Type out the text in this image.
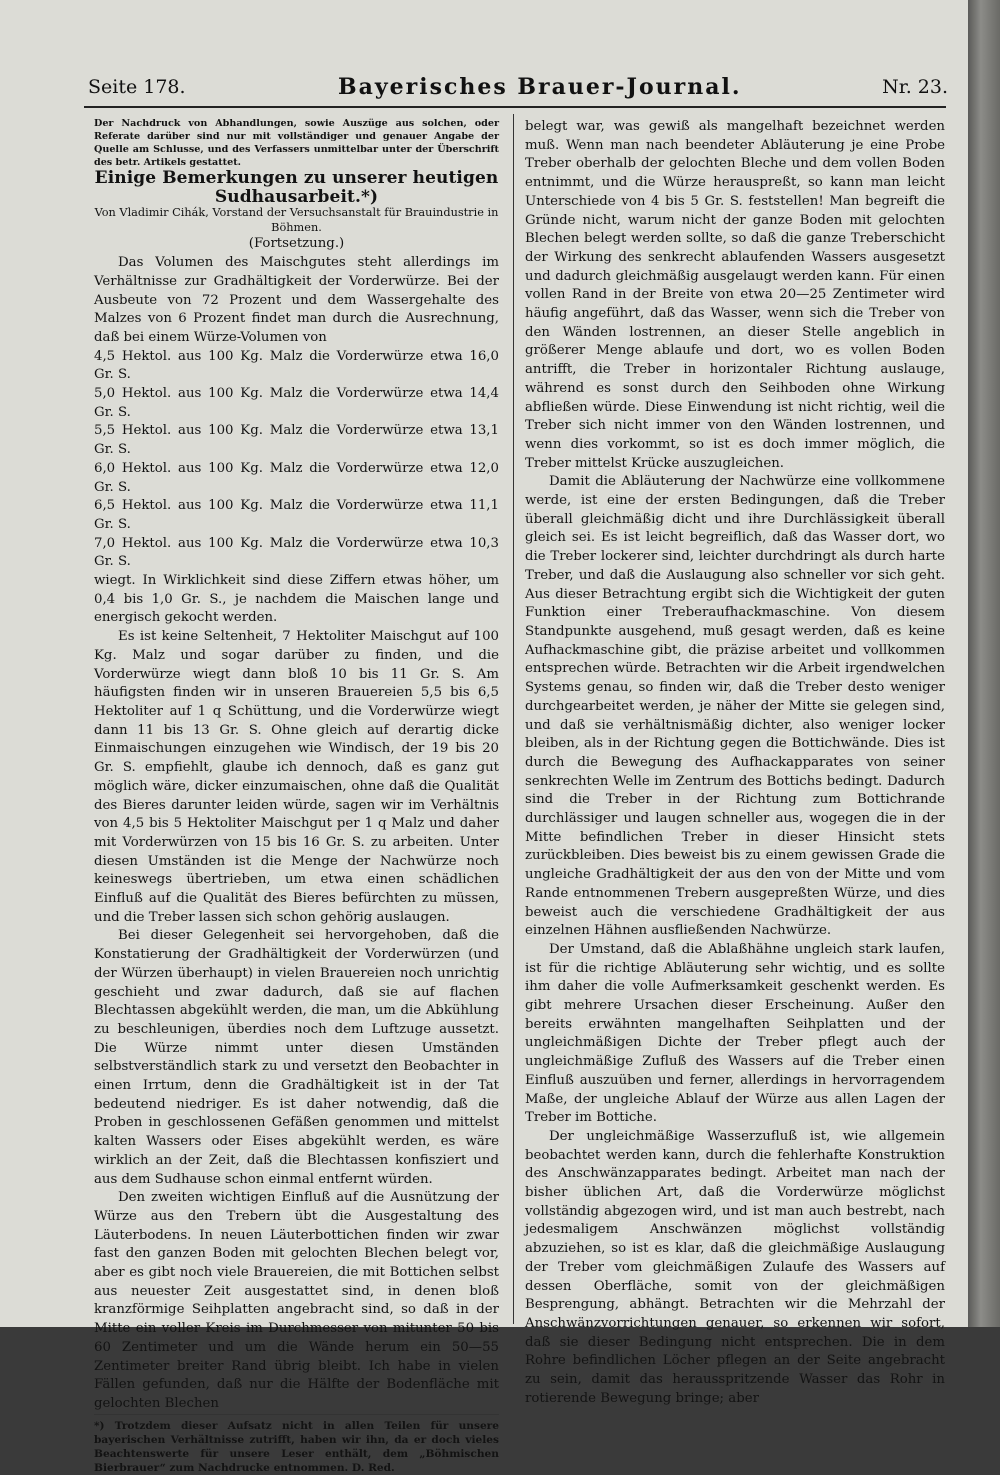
Seite 178.	Bayerisches Brauer-Journal.	Nr. 23.

Der Nachdruck von Abhandlungen, sowie Auszüge aus solchen, oder Referate darüber sind nur mit vollständiger und genauer Angabe der Quelle am Schlusse, und des Verfassers unmittelbar unter der Überschrift des betr. Artikels gestattet.

Einige Bemerkungen zu unserer heutigen Sudhausarbeit.*)

Von Vladimir Cihák, Vorstand der Versuchsanstalt für Brauindustrie in Böhmen.

(Fortsetzung.)

Das Volumen des Maischgutes steht allerdings im Verhältnisse zur Gradhältigkeit der Vorderwürze. Bei der Ausbeute von 72 Prozent und dem Wassergehalte des Malzes von 6 Prozent findet man durch die Ausrechnung, daß bei einem Würze-Volumen von

4,5 Hektol. aus 100 Kg. Malz die Vorderwürze etwa 16,0 Gr. S.

5,0 Hektol. aus 100 Kg. Malz die Vorderwürze etwa 14,4 Gr. S.

5,5 Hektol. aus 100 Kg. Malz die Vorderwürze etwa 13,1 Gr. S.

6,0 Hektol. aus 100 Kg. Malz die Vorderwürze etwa 12,0 Gr. S.

6,5 Hektol. aus 100 Kg. Malz die Vorderwürze etwa 11,1 Gr. S.

7,0 Hektol. aus 100 Kg. Malz die Vorderwürze etwa 10,3 Gr. S.

wiegt. In Wirklichkeit sind diese Ziffern etwas höher, um 0,4 bis 1,0 Gr. S., je nachdem die Maischen lange und energisch gekocht werden.

Es ist keine Seltenheit, 7 Hektoliter Maischgut auf 100 Kg. Malz und sogar darüber zu finden, und die Vorderwürze wiegt dann bloß 10 bis 11 Gr. S. Am häufigsten finden wir in unseren Brauereien 5,5 bis 6,5 Hektoliter auf 1 q Schüttung, und die Vorderwürze wiegt dann 11 bis 13 Gr. S. Ohne gleich auf derartig dicke Einmaischungen einzugehen wie Windisch, der 19 bis 20 Gr. S. empfiehlt, glaube ich dennoch, daß es ganz gut möglich wäre, dicker einzumaischen, ohne daß die Qualität des Bieres darunter leiden würde, sagen wir im Verhältnis von 4,5 bis 5 Hektoliter Maischgut per 1 q Malz und daher mit Vorderwürzen von 15 bis 16 Gr. S. zu arbeiten. Unter diesen Umständen ist die Menge der Nachwürze noch keineswegs übertrieben, um etwa einen schädlichen Einfluß auf die Qualität des Bieres befürchten zu müssen, und die Treber lassen sich schon gehörig auslaugen.

Bei dieser Gelegenheit sei hervorgehoben, daß die Konstatierung der Gradhältigkeit der Vorderwürzen (und der Würzen überhaupt) in vielen Brauereien noch unrichtig geschieht und zwar dadurch, daß sie auf flachen Blechtassen abgekühlt werden, die man, um die Abkühlung zu beschleunigen, überdies noch dem Luftzuge aussetzt. Die Würze nimmt unter diesen Umständen selbstverständlich stark zu und versetzt den Beobachter in einen Irrtum, denn die Gradhältigkeit ist in der Tat bedeutend niedriger. Es ist daher notwendig, daß die Proben in geschlossenen Gefäßen genommen und mittelst kalten Wassers oder Eises abgekühlt werden, es wäre wirklich an der Zeit, daß die Blechtassen konfisziert und aus dem Sudhause schon einmal entfernt würden.

Den zweiten wichtigen Einfluß auf die Ausnützung der Würze aus den Trebern übt die Ausgestaltung des Läuterbodens. In neuen Läuterbottichen finden wir zwar fast den ganzen Boden mit gelochten Blechen belegt vor, aber es gibt noch viele Brauereien, die mit Bottichen selbst aus neuester Zeit ausgestattet sind, in denen bloß kranzförmige Seihplatten angebracht sind, so daß in der Mitte ein voller Kreis im Durchmesser von mitunter 50 bis 60 Zentimeter und um die Wände herum ein 50—55 Zentimeter breiter Rand übrig bleibt. Ich habe in vielen Fällen gefunden, daß nur die Hälfte der Bodenfläche mit gelochten Blechen

*) Trotzdem dieser Aufsatz nicht in allen Teilen für unsere bayerischen Verhältnisse zutrifft, haben wir ihn, da er doch vieles Beachtenswerte für unsere Leser enthält, dem „Böhmischen Bierbrauer“ zum Nachdrucke entnommen. D. Red.

belegt war, was gewiß als mangelhaft bezeichnet werden muß. Wenn man nach beendeter Abläuterung je eine Probe Treber oberhalb der gelochten Bleche und dem vollen Boden entnimmt, und die Würze herauspreßt, so kann man leicht Unterschiede von 4 bis 5 Gr. S. feststellen! Man begreift die Gründe nicht, warum nicht der ganze Boden mit gelochten Blechen belegt werden sollte, so daß die ganze Treberschicht der Wirkung des senkrecht ablaufenden Wassers ausgesetzt und dadurch gleichmäßig ausgelaugt werden kann. Für einen vollen Rand in der Breite von etwa 20—25 Zentimeter wird häufig angeführt, daß das Wasser, wenn sich die Treber von den Wänden lostrennen, an dieser Stelle angeblich in größerer Menge ablaufe und dort, wo es vollen Boden antrifft, die Treber in horizontaler Richtung auslauge, während es sonst durch den Seihboden ohne Wirkung abfließen würde. Diese Einwendung ist nicht richtig, weil die Treber sich nicht immer von den Wänden lostrennen, und wenn dies vorkommt, so ist es doch immer möglich, die Treber mittelst Krücke auszugleichen.

Damit die Abläuterung der Nachwürze eine vollkommene werde, ist eine der ersten Bedingungen, daß die Treber überall gleichmäßig dicht und ihre Durchlässigkeit überall gleich sei. Es ist leicht begreiflich, daß das Wasser dort, wo die Treber lockerer sind, leichter durchdringt als durch harte Treber, und daß die Auslaugung also schneller vor sich geht. Aus dieser Betrachtung ergibt sich die Wichtigkeit der guten Funktion einer Treberaufhackmaschine. Von diesem Standpunkte ausgehend, muß gesagt werden, daß es keine Aufhackmaschine gibt, die präzise arbeitet und vollkommen entsprechen würde. Betrachten wir die Arbeit irgendwelchen Systems genau, so finden wir, daß die Treber desto weniger durchgearbeitet werden, je näher der Mitte sie gelegen sind, und daß sie verhältnismäßig dichter, also weniger locker bleiben, als in der Richtung gegen die Bottichwände. Dies ist durch die Bewegung des Aufhackapparates von seiner senkrechten Welle im Zentrum des Bottichs bedingt. Dadurch sind die Treber in der Richtung zum Bottichrande durchlässiger und laugen schneller aus, wogegen die in der Mitte befindlichen Treber in dieser Hinsicht stets zurückbleiben. Dies beweist bis zu einem gewissen Grade die ungleiche Gradhältigkeit der aus den von der Mitte und vom Rande entnommenen Trebern ausgepreßten Würze, und dies beweist auch die verschiedene Gradhältigkeit der aus einzelnen Hähnen ausfließenden Nachwürze.

Der Umstand, daß die Ablaßhähne ungleich stark laufen, ist für die richtige Abläuterung sehr wichtig, und es sollte ihm daher die volle Aufmerksamkeit geschenkt werden. Es gibt mehrere Ursachen dieser Erscheinung. Außer den bereits erwähnten mangelhaften Seihplatten und der ungleichmäßigen Dichte der Treber pflegt auch der ungleichmäßige Zufluß des Wassers auf die Treber einen Einfluß auszuüben und ferner, allerdings in hervorragendem Maße, der ungleiche Ablauf der Würze aus allen Lagen der Treber im Bottiche.

Der ungleichmäßige Wasserzufluß ist, wie allgemein beobachtet werden kann, durch die fehlerhafte Konstruktion des Anschwänzapparates bedingt. Arbeitet man nach der bisher üblichen Art, daß die Vorderwürze möglichst vollständig abgezogen wird, und ist man auch bestrebt, nach jedesmaligem Anschwänzen möglichst vollständig abzuziehen, so ist es klar, daß die gleichmäßige Auslaugung der Treber vom gleichmäßigen Zulaufe des Wassers auf dessen Oberfläche, somit von der gleichmäßigen Besprengung, abhängt. Betrachten wir die Mehrzahl der Anschwänzvorrichtungen genauer, so erkennen wir sofort, daß sie dieser Bedingung nicht entsprechen. Die in dem Rohre befindlichen Löcher pflegen an der Seite angebracht zu sein, damit das herausspritzende Wasser das Rohr in rotierende Bewegung bringe; aber
